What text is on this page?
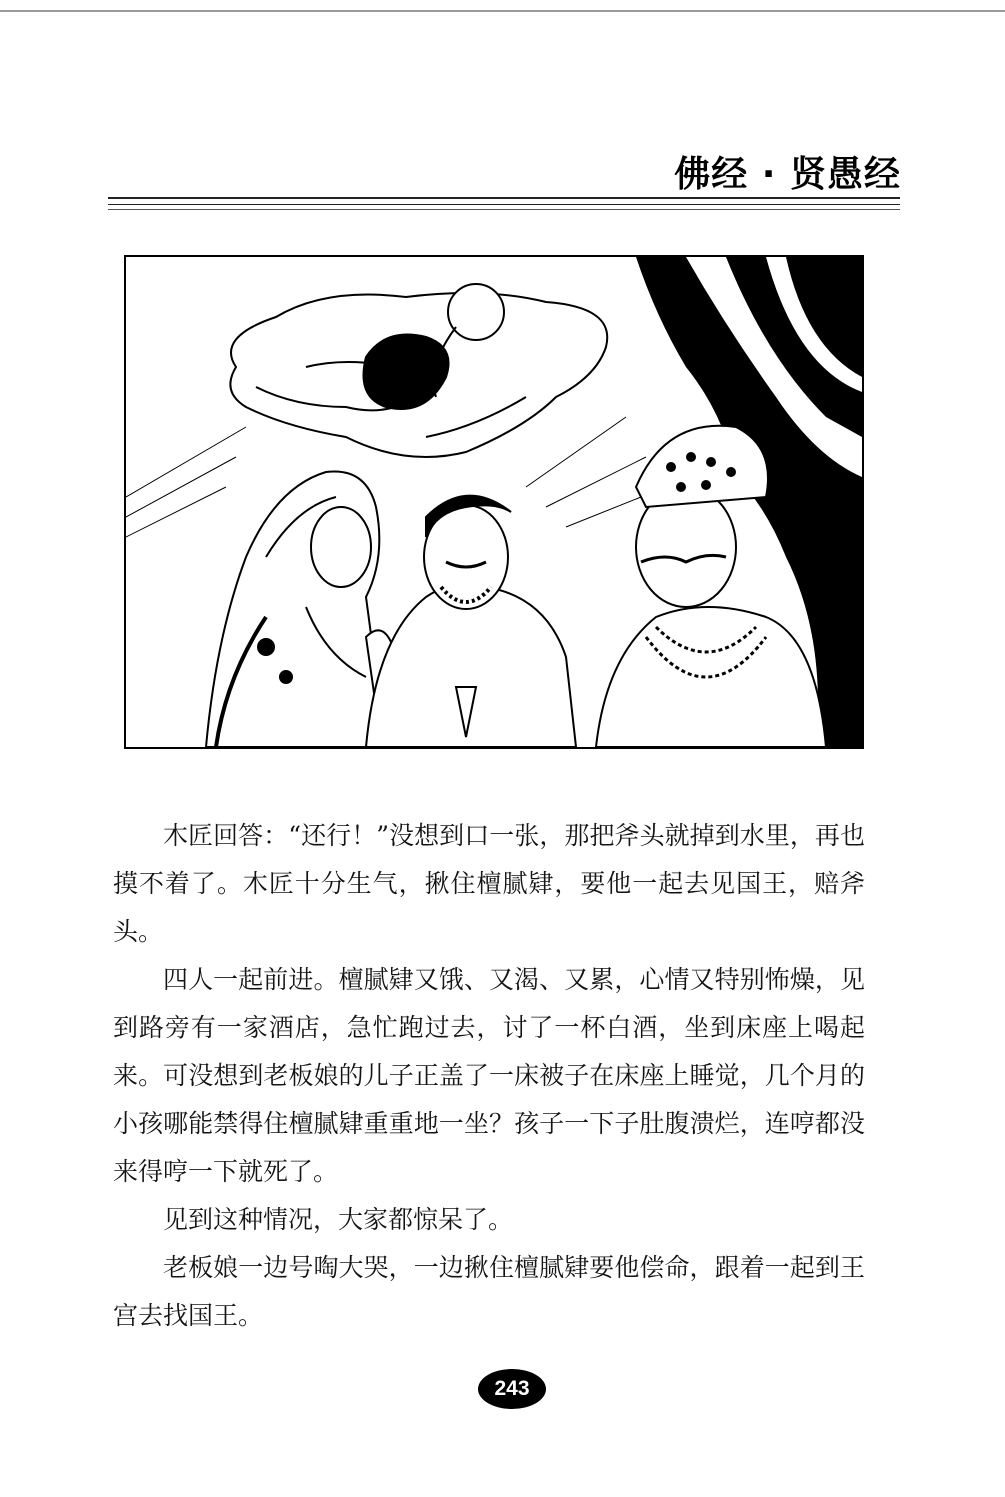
佛经 · 贤愚经

木匠回答：“还行！”没想到口一张，那把斧头就掉到水里，再也摸不着了。木匠十分生气，揪住檀腻肄，要他一起去见国王，赔斧头。

四人一起前进。檀腻肄又饿、又渴、又累，心情又特别怖燥，见到路旁有一家酒店，急忙跑过去，讨了一杯白酒，坐到床座上喝起来。可没想到老板娘的儿子正盖了一床被子在床座上睡觉，几个月的小孩哪能禁得住檀腻肄重重地一坐？孩子一下子肚腹溃烂，连哼都没来得哼一下就死了。

见到这种情况，大家都惊呆了。

老板娘一边号啕大哭，一边揪住檀腻肄要他偿命，跟着一起到王宫去找国王。

243
